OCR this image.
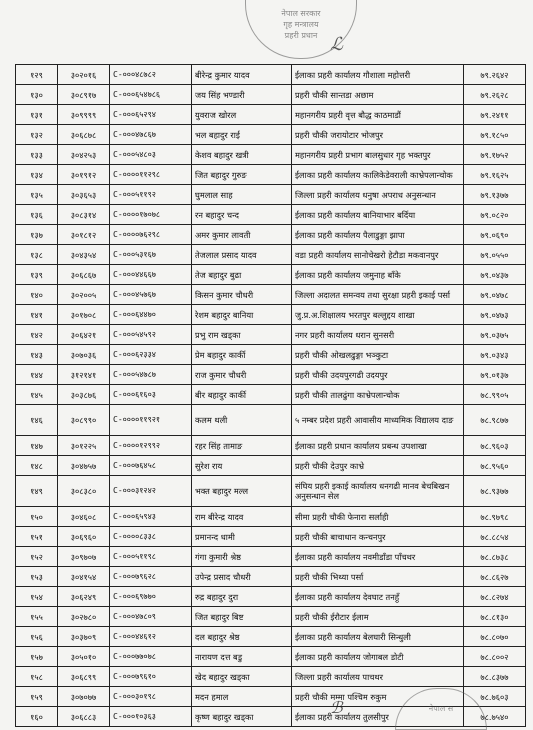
नेपाल सरकार
गृह मन्त्रालय
प्रहरी प्रधान ℒ
१२९	३०२०१६	C-०००४८७८२	बीरेन्द्र कुमार यादव	ईलाका प्रहरी कार्यालय गौशाला महोत्तरी	७९.२६४२
१३०	३०८९१७	C-०००६५४७८६	जय सिंह भण्डारी	प्रहरी चौकी सान्तडा अछाम	७९.२६२८
१३१	३०९९९९	C-०००६५२९४	युवराज खोरल	महानगरीय प्रहरी वृत्त बौद्ध काठमाडौं	७९.२४११
१३२	३०६८७८	C-०००४७८६७	भल बहादुर राई	प्रहरी चौकी जरायोटार भोजपुर	७९.१८५०
१३३	३०४२५३	C-०००५४८०३	केशव बहादुर खत्री	महानगरीय प्रहरी प्रभाग बालसुधार गृह भक्तपुर	७९.१७५२
१३४	३०१९१२	C-००००११२९८	जित बहादुर गुरुङ	ईलाका प्रहरी कार्यालय कालिकेडेवराली काभ्रेपलान्चोक	७९.१६२५
१३५	३०३६५३	C-०००५११९२	घुमलाल साह	जिल्ला प्रहरी कार्यालय धनुषा अपराध अनुसन्धान	७९.१३७७
१३६	३०८३१४	C-००००१७०७८	रन बहादुर चन्द	ईलाका प्रहरी कार्यालय बानियाभार बर्दिया	७९.०८२०
१३७	३०१८१२	C-००००७६२९८	अमर कुमार लावती	ईलाका प्रहरी कार्यालय पैलाडुङ्गा झापा	७९.०६९०
१३८	३०४३५४	C-०००५३१६७	तेजलाल प्रसाद यादव	वडा प्रहरी कार्यालय सानोचेखरो हेटौडा मकवानपुर	७९.०५५०
१३९	३०६८६७	C-०००४४६६७	तेज बहादुर बुढा	ईलाका प्रहरी कार्यालय जमुनाह बाँके	७९.०४३७
१४०	३०२००५	C-०००४५७६७	किसन कुमार चौधरी	जिल्ला अदालत समन्वय तथा सुरक्षा प्रहरी इकाई पर्सा	७९.०४७८
१४१	३०१७०८	C-०००६४४७०	रेशम बहादुर बानिया	जु.प्र.अ.शिक्षालय भरतपुर बल्लुद्दय शाखा	७९.०४७३
१४२	३०६४२१	C-०००५४५९२	प्रभु राम खड्का	नगर प्रहरी कार्यालय धरान सुनसरी	७९.०३७५
१४३	३०७०३६	C-०००६२३३४	प्रेम बहादुर कार्की	प्रहरी चौकी ओखलढुङ्गा भञ्कुटा	७९.०३४३
१४४	३१२१४१	C-०००५४७८७	राज कुमार चौधरी	प्रहरी चौकी उदयपुरगढी उदयपुर	७९.०१३७
१४५	३०३८७६	C-०००६१६०३	बीर बहादुर कार्की	प्रहरी चौकी तालढुंगा काभ्रेपलान्चोक	७८.९९०५
१४६	३०८९९०	C-००००११९२१	कलम थली	५ नम्बर प्रदेश प्रहरी आवासीय माध्यमिक विद्यालय दाङ	७८.९८७७
१४७	३०१२२५	C-००००१२९९२	रहर सिंह तामाङ	ईलाका प्रहरी प्रधान कार्यालय प्रबन्ध उपशाखा	७८.९६०३
१४८	३०४७५७	C-०००७६४५८	सुरेश राय	प्रहरी चौकी देउपुर काभ्रे	७८.९५६०
१४९	३०८३८०	C-०००३१२४२	भक्त बहादुर मल्ल	संघिय प्रहरी इकाई कार्यालय धनगढी मानव बेचबिखन अनुसन्धान सेल	७८.९३७७
१५०	३०४६०८	C-०००६५९४३	राम बीरेन्द्र यादव	सीमा प्रहरी चौकी फेनारा सर्लाही	७८.९७९८
१५१	३०६९६०	C-००००८३३८	प्रमानन्द धामी	प्रहरी चौकी बाचाधान कन्चनपुर	७८.८८५४
१५२	३०९७०७	C-०००५११९८	गंगा कुमारी श्रेष्ठ	ईलाका प्रहरी कार्यालय नवमीडाँडा पाँचथर	७८.८७३८
१५३	३०४१५४	C-०००७९६२८	उपेन्द्र प्रसाद चौधरी	प्रहरी चौकी भिथ्या पर्सा	७८.८६२७
१५४	३०६२४९	C-०००६९७७०	रुद्र बहादुर दुरा	ईलाका प्रहरी कार्यालय देवघाट तनहुँ	७८.८२७४
१५५	३०२७८०	C-०००४७८०९	जित बहादुर बिष्ट	प्रहरी चौकी ईरौटार ईलाम	७८.८१३०
१५६	३०३७०९	C-०००४४६१२	दल बहादुर श्रेष्ठ	ईलाका प्रहरी कार्यालय बेलघारी सिन्धुली	७८.८०७०
१५७	३०५०१०	C-०००७७०७८	नारायण दत्त बडु	ईलाका प्रहरी कार्यालय जोगाबल डोटी	७८.८००२
१५८	३०६८९९	C-०००७९६१०	खेद बहादुर खड्का	जिल्ला प्रहरी कार्यालय पाचथर	७८.८३७७
१५९	३०७०७७	C-०००३०१९८	मदन हमाल	प्रहरी चौकी मम्मा पश्चिम रुकुम	७८.७६०३
१६०	३०६८८३	C-०००१०३६३	कृष्ण बहादुर खड्का	ईलाका प्रहरी कार्यालय तुलसीपुर	७८.७५४०
नेपाल स
ℬ
